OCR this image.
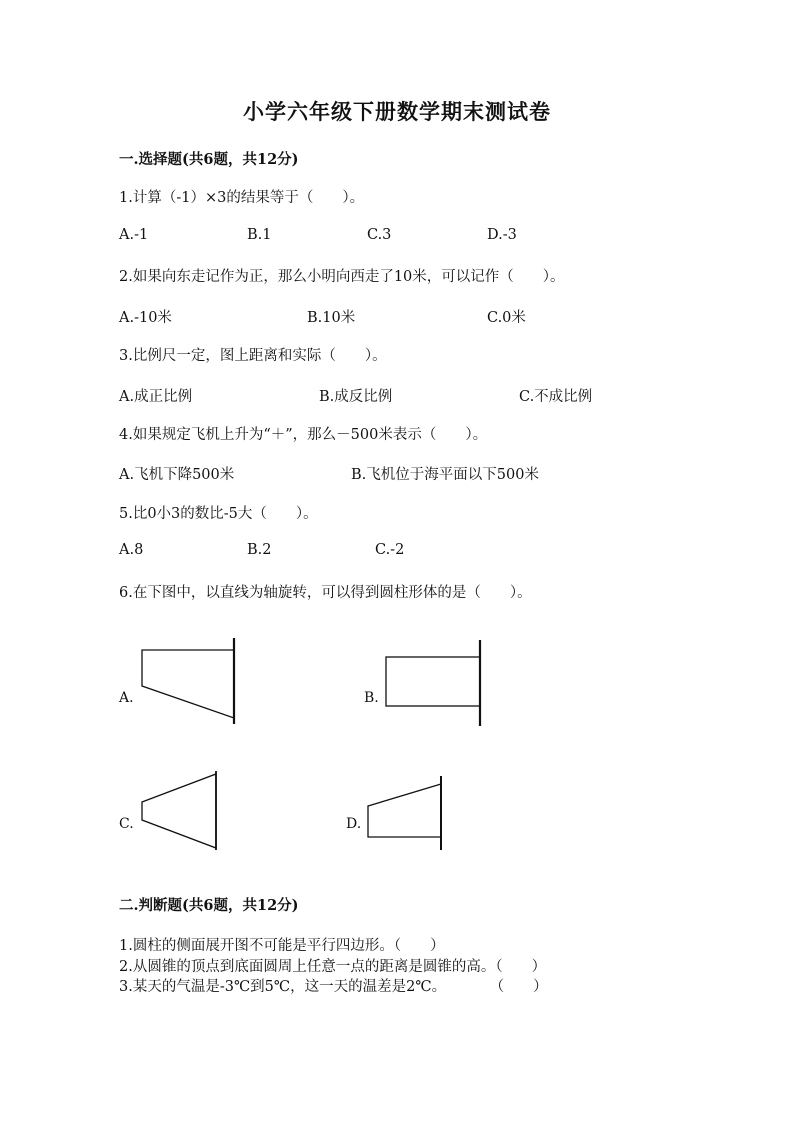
小学六年级下册数学期末测试卷
一.选择题(共6题，共12分)
1.计算（-1）×3的结果等于（　　）。
A.-1	B.1	C.3	D.-3
2.如果向东走记作为正，那么小明向西走了10米，可以记作（　　）。
A.-10米	B.10米	C.0米
3.比例尺一定，图上距离和实际（　　）。
A.成正比例	B.成反比例	C.不成比例
4.如果规定飞机上升为“＋”，那么－500米表示（　　）。
A.飞机下降500米	B.飞机位于海平面以下500米
5.比0小3的数比-5大（　　）。
A.8	B.2	C.-2
6.在下图中，以直线为轴旋转，可以得到圆柱形体的是（　　）。
A.	B.
C.	D.
二.判断题(共6题，共12分)
1.圆柱的侧面展开图不可能是平行四边形。（　　）
2.从圆锥的顶点到底面圆周上任意一点的距离是圆锥的高。（　　）
3.某天的气温是-3℃到5℃，这一天的温差是2℃。　　　　（　　）
